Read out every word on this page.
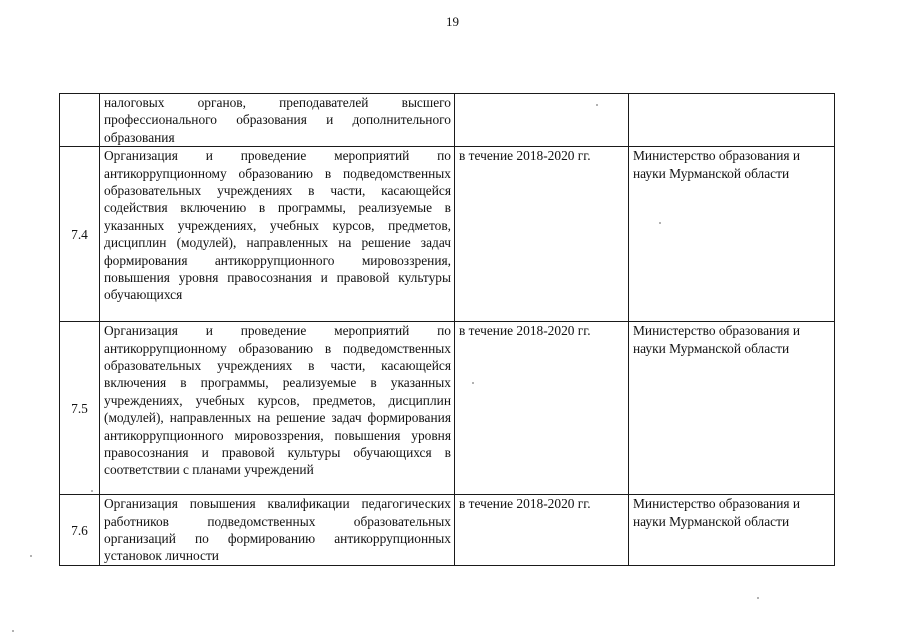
19
	налоговых органов, преподавателей высшего профессионального образования и дополнительного образования		
7.4	Организация и проведение мероприятий по антикоррупционному образованию в подведомственных образовательных учреждениях в части, касающейся содействия включению в программы, реализуемые в указанных учреждениях, учебных курсов, предметов, дисциплин (модулей), направленных на решение задач формирования антикоррупционного мировоззрения, повышения уровня правосознания и правовой культуры обучающихся	в течение 2018-2020 гг.	Министерство образования и науки Мурманской области
7.5	Организация и проведение мероприятий по антикоррупционному образованию в подведомственных образовательных учреждениях в части, касающейся включения в программы, реализуемые в указанных учреждениях, учебных курсов, предметов, дисциплин (модулей), направленных на решение задач формирования антикоррупционного мировоззрения, повышения уровня правосознания и правовой культуры обучающихся в соответствии с планами учреждений	в течение 2018-2020 гг.	Министерство образования и науки Мурманской области
7.6	Организация повышения квалификации педагогических работников подведомственных образовательных организаций по формированию антикоррупционных установок личности	в течение 2018-2020 гг.	Министерство образования и науки Мурманской области
